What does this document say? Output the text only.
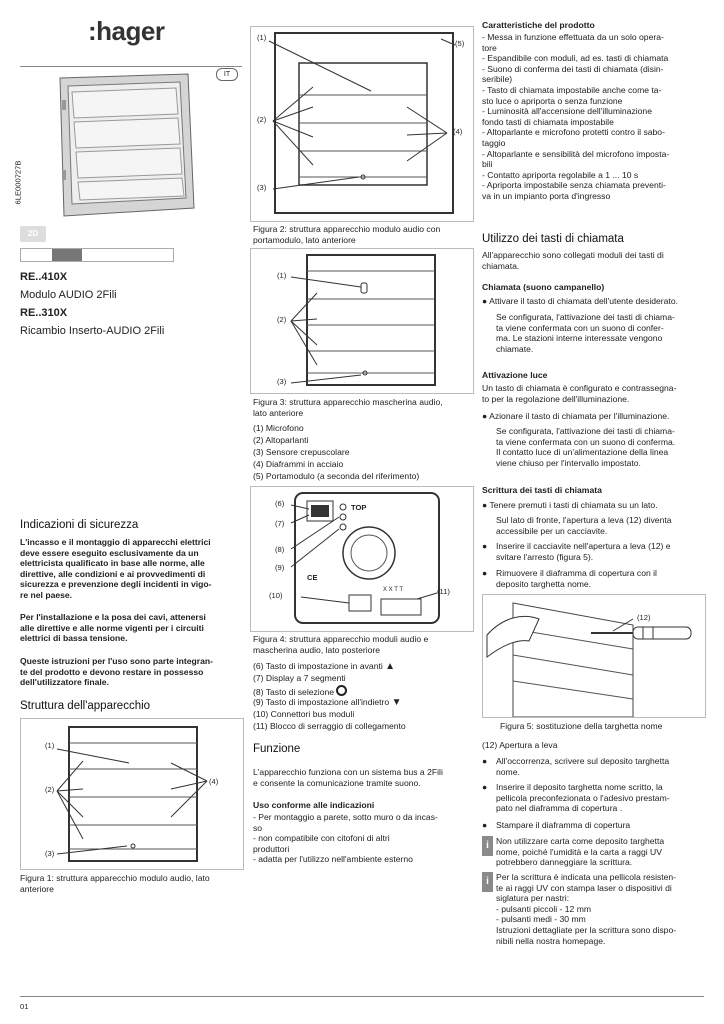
:hager
IT
6LE000727B
2D
RE..410X
Modulo AUDIO 2Fili
RE..310X
Ricambio Inserto-AUDIO 2Fili
Indicazioni di sicurezza
L'incasso e il montaggio di apparecchi elettrici
deve essere eseguito esclusivamente da un
elettricista qualificato in base alle norme, alle
direttive, alle condizioni e ai provvedimenti di
sicurezza e prevenzione degli incidenti in vigo-
re nel paese.
Per l'installazione e la posa dei cavi, attenersi
alle direttive e alle norme vigenti per i circuiti
elettrici di bassa tensione.
Queste istruzioni per l'uso sono parte integran-
te del prodotto e devono restare in possesso
dell'utilizzatore finale.
Struttura dell'apparecchio
(1)
(2)
(3)
(4)
Figura 1: struttura apparecchio modulo audio, lato
anteriore
(1)
(2)
(3)
(4)
(5)
Figura 2: struttura apparecchio modulo audio con
portamodulo, lato anteriore
(1)
(2)
(3)
Figura 3: struttura apparecchio mascherina audio,
lato anteriore
(1) Microfono
(2) Altoparlanti
(3) Sensore crepuscolare
(4) Diaframmi in acciaio
(5) Portamodulo (a seconda del riferimento)
(6)
(7)
(8)
(9)
(10)	(11)
TOP
CE
X X T T
Figura 4: struttura apparecchio moduli audio e
mascherina audio, lato posteriore
(6) Tasto di impostazione in avanti ▲
(7) Display a 7 segmenti
(8) Tasto di selezione
(9) Tasto di impostazione all'indietro ▼
(10) Connettori bus moduli
(11) Blocco di serraggio di collegamento
Funzione
L'apparecchio funziona con un sistema bus a 2Fili
e consente la comunicazione tramite suono.
Uso conforme alle indicazioni
- Per montaggio a parete, sotto muro o da incas-
so
- non compatibile con citofoni di altri
produttori
- adatta per l'utilizzo nell'ambiente esterno
Caratteristiche del prodotto
- Messa in funzione effettuata da un solo opera-
tore
- Espandibile con moduli, ad es. tasti di chiamata
- Suono di conferma dei tasti di chiamata (disin-
seribile)
- Tasto di chiamata impostabile anche come ta-
sto luce o apriporta o senza funzione
- Luminosità all'accensione dell'illuminazione
fondo tasti di chiamata impostabile
- Altoparlante e microfono protetti contro il sabo-
taggio
- Altoparlante e sensibilità del microfono imposta-
bili
- Contatto apriporta regolabile a 1 ... 10 s
- Apriporta impostabile senza chiamata preventi-
va in un impianto porta d'ingresso
Utilizzo dei tasti di chiamata
All'apparecchio sono collegati moduli dei tasti di
chiamata.
Chiamata (suono campanello)
● Attivare il tasto di chiamata dell'utente desiderato.
Se configurata, l'attivazione dei tasti di chiama-
ta viene confermata con un suono di confer-
ma. Le stazioni interne interessate vengono
chiamate.
Attivazione luce
Un tasto di chiamata è configurato e contrassegna-
to per la regolazione dell'illuminazione.
● Azionare il tasto di chiamata per l'illuminazione.
Se configurata, l'attivazione dei tasti di chiama-
ta viene confermata con un suono di conferma.
Il contatto luce di un'alimentazione della linea
viene chiuso per l'intervallo impostato.
Scrittura dei tasti di chiamata
● Tenere premuti i tasti di chiamata su un lato.
Sul lato di fronte, l'apertura a leva (12) diventa
accessibile per un cacciavite.
● Inserire il cacciavite nell'apertura a leva (12) e
svitare l'arresto (figura 5).
● Rimuovere il diaframma di copertura con il
deposito targhetta nome.
(12)
Figura 5: sostituzione della targhetta nome
(12) Apertura a leva
● All'occorrenza, scrivere sul deposito targhetta
nome.
● Inserire il deposito targhetta nome scritto, la
pellicola preconfezionata o l'adesivo prestam-
pato nel diaframma di copertura .
● Stampare il diaframma di copertura
i Non utilizzare carta come deposito targhetta
nome, poiché l'umidità e la carta a raggi UV
potrebbero danneggiare la scrittura.
i Per la scrittura è indicata una pellicola resisten-
te ai raggi UV con stampa laser o dispositivi di
siglatura per nastri:
- pulsanti piccoli - 12 mm
- pulsanti medi - 30 mm
Istruzioni dettagliate per la scrittura sono dispo-
nibili nella nostra homepage.
01
